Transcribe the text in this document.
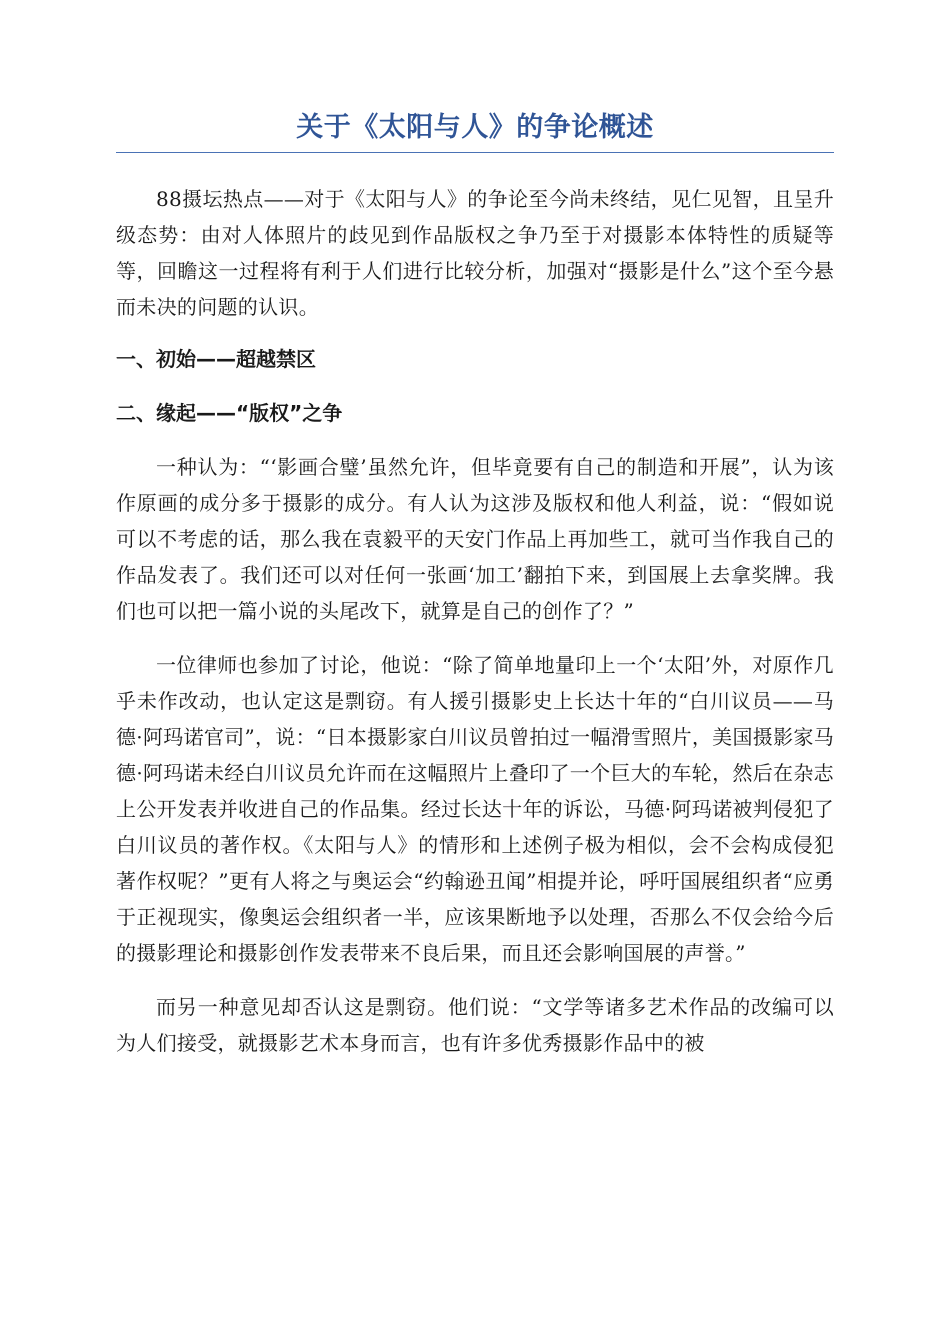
关于《太阳与人》的争论概述

88摄坛热点——对于《太阳与人》的争论至今尚未终结，见仁见智，且呈升级态势：由对人体照片的歧见到作品版权之争乃至于对摄影本体特性的质疑等等，回瞻这一过程将有利于人们进行比较分析，加强对“摄影是什么”这个至今悬而未决的问题的认识。

一、初始——超越禁区
二、缘起——“版权”之争

一种认为：“‘影画合璧’虽然允许，但毕竟要有自己的制造和开展”，认为该作原画的成分多于摄影的成分。有人认为这涉及版权和他人利益，说：“假如说可以不考虑的话，那么我在袁毅平的天安门作品上再加些工，就可当作我自己的作品发表了。我们还可以对任何一张画‘加工’翻拍下来，到国展上去拿奖牌。我们也可以把一篇小说的头尾改下，就算是自己的创作了？”

一位律师也参加了讨论，他说：“除了简单地量印上一个‘太阳’外，对原作几乎未作改动，也认定这是剽窃。有人援引摄影史上长达十年的“白川议员——马德·阿玛诺官司”，说：“日本摄影家白川议员曾拍过一幅滑雪照片，美国摄影家马德·阿玛诺未经白川议员允许而在这幅照片上叠印了一个巨大的车轮，然后在杂志上公开发表并收进自己的作品集。经过长达十年的诉讼，马德·阿玛诺被判侵犯了白川议员的著作权。《太阳与人》的情形和上述例子极为相似，会不会构成侵犯著作权呢？”更有人将之与奥运会“约翰逊丑闻”相提并论，呼吁国展组织者“应勇于正视现实，像奥运会组织者一半，应该果断地予以处理，否那么不仅会给今后的摄影理论和摄影创作发表带来不良后果，而且还会影响国展的声誉。”

而另一种意见却否认这是剽窃。他们说：“文学等诸多艺术作品的改编可以为人们接受，就摄影艺术本身而言，也有许多优秀摄影作品中的被
